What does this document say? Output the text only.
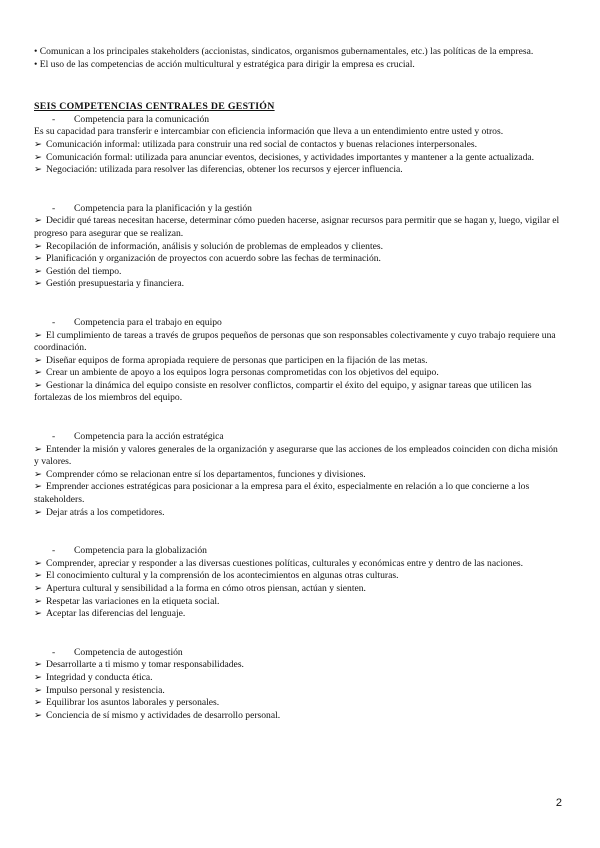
• Comunican a los principales stakeholders (accionistas, sindicatos, organismos gubernamentales, etc.) las políticas de la empresa.

• El uso de las competencias de acción multicultural y estratégica para dirigir la empresa es crucial.

SEIS COMPETENCIAS CENTRALES DE GESTIÓN

- Competencia para la comunicación

Es su capacidad para transferir e intercambiar con eficiencia información que lleva a un entendimiento entre usted y otros.

➢ Comunicación informal: utilizada para construir una red social de contactos y buenas relaciones interpersonales.

➢ Comunicación formal: utilizada para anunciar eventos, decisiones, y actividades importantes y mantener a la gente actualizada.

➢ Negociación: utilizada para resolver las diferencias, obtener los recursos y ejercer influencia.

- Competencia para la planificación y la gestión

➢ Decidir qué tareas necesitan hacerse, determinar cómo pueden hacerse, asignar recursos para permitir que se hagan y, luego, vigilar el progreso para asegurar que se realizan.

➢ Recopilación de información, análisis y solución de problemas de empleados y clientes.

➢ Planificación y organización de proyectos con acuerdo sobre las fechas de terminación.

➢ Gestión del tiempo.

➢ Gestión presupuestaria y financiera.

- Competencia para el trabajo en equipo

➢ El cumplimiento de tareas a través de grupos pequeños de personas que son responsables colectivamente y cuyo trabajo requiere una coordinación.

➢ Diseñar equipos de forma apropiada requiere de personas que participen en la fijación de las metas.

➢ Crear un ambiente de apoyo a los equipos logra personas comprometidas con los objetivos del equipo.

➢ Gestionar la dinámica del equipo consiste en resolver conflictos, compartir el éxito del equipo, y asignar tareas que utilicen las fortalezas de los miembros del equipo.

- Competencia para la acción estratégica

➢ Entender la misión y valores generales de la organización y asegurarse que las acciones de los empleados coinciden con dicha misión y valores.

➢ Comprender cómo se relacionan entre sí los departamentos, funciones y divisiones.

➢ Emprender acciones estratégicas para posicionar a la empresa para el éxito, especialmente en relación a lo que concierne a los stakeholders.

➢ Dejar atrás a los competidores.

- Competencia para la globalización

➢ Comprender, apreciar y responder a las diversas cuestiones políticas, culturales y económicas entre y dentro de las naciones.

➢ El conocimiento cultural y la comprensión de los acontecimientos en algunas otras culturas.

➢ Apertura cultural y sensibilidad a la forma en cómo otros piensan, actúan y sienten.

➢ Respetar las variaciones en la etiqueta social.

➢ Aceptar las diferencias del lenguaje.

- Competencia de autogestión

➢ Desarrollarte a ti mismo y tomar responsabilidades.

➢ Integridad y conducta ética.

➢ Impulso personal y resistencia.

➢ Equilibrar los asuntos laborales y personales.

➢ Conciencia de sí mismo y actividades de desarrollo personal.

2
